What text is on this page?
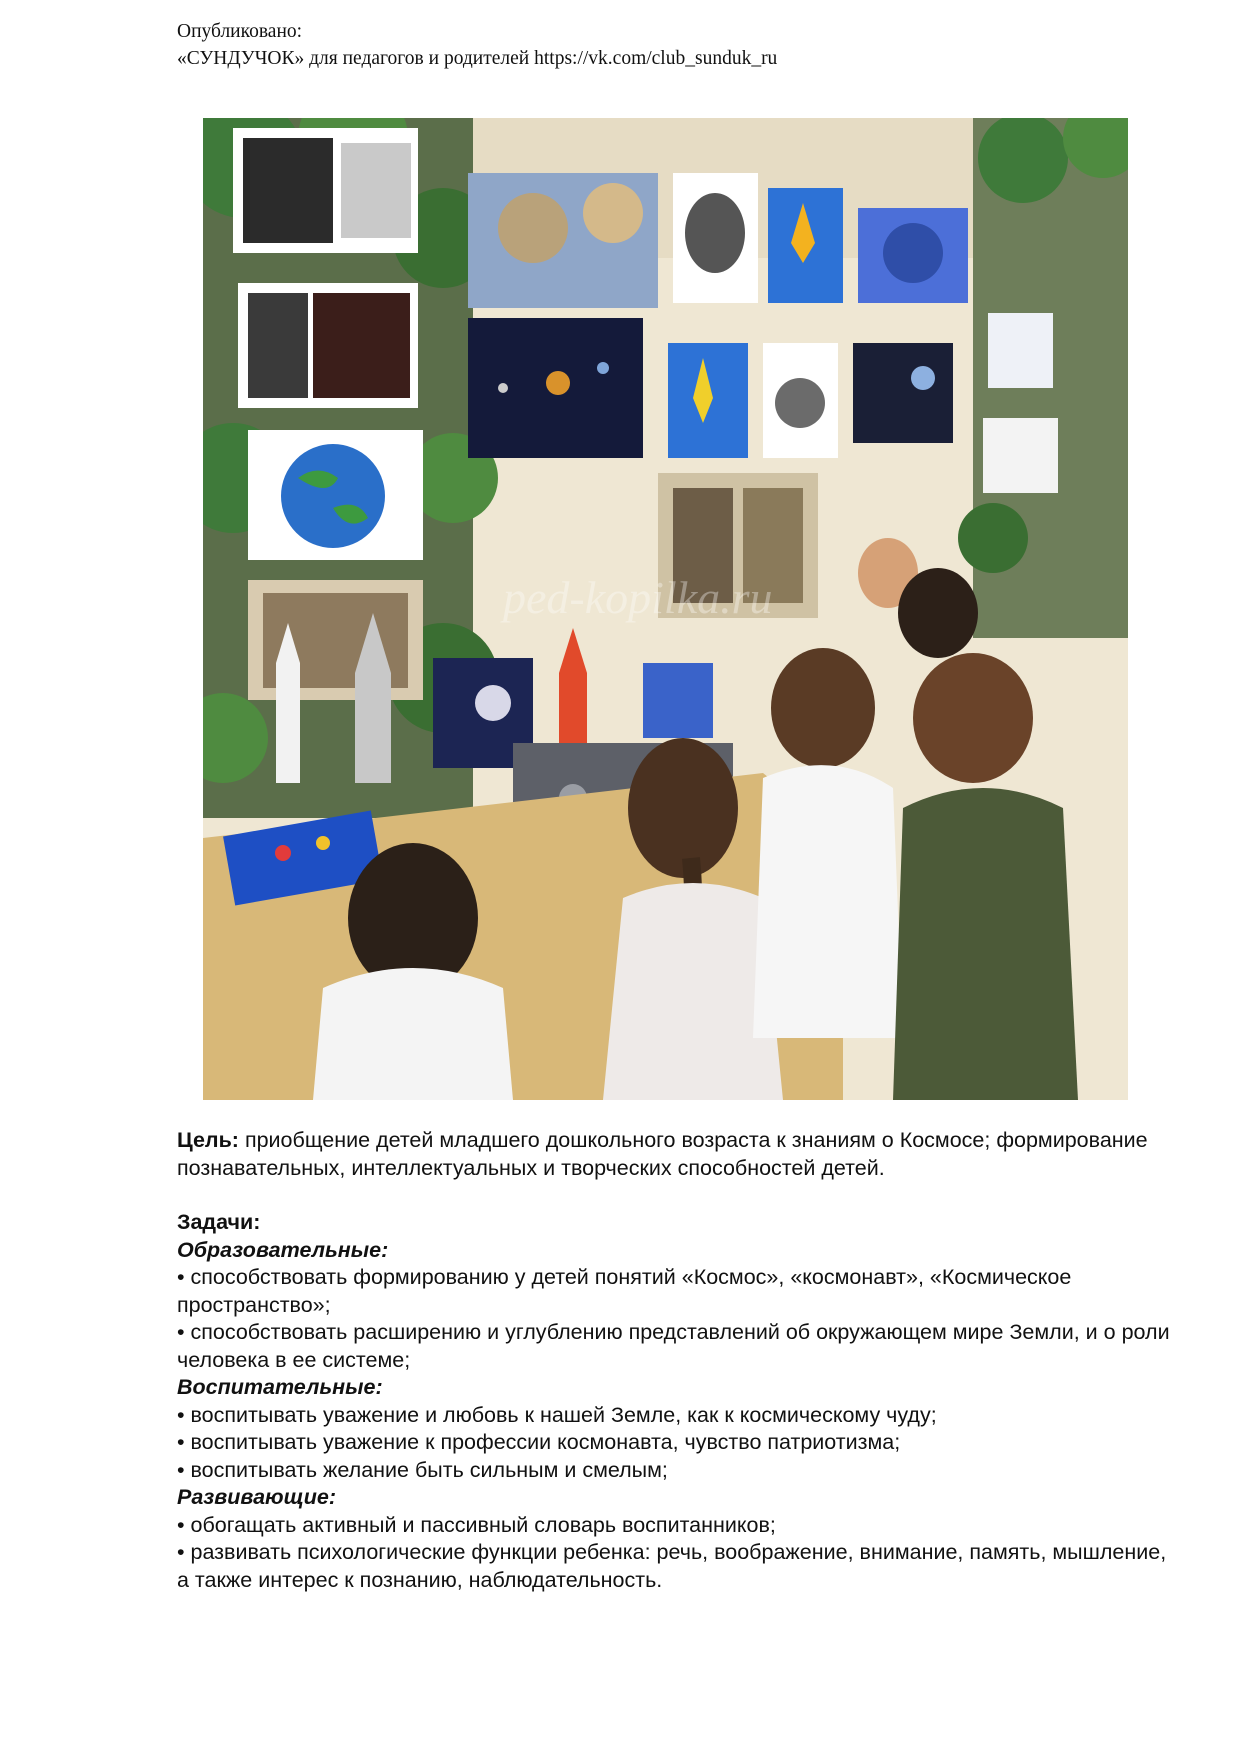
Опубликовано:
«СУНДУЧОК» для педагогов и родителей https://vk.com/club_sunduk_ru
ped-kopilka.ru

Цель: приобщение детей младшего дошкольного возраста к знаниям о Космосе; формирование познавательных, интеллектуальных и творческих способностей детей.

Задачи:

Образовательные:

• способствовать формированию у детей понятий «Космос», «космонавт», «Космическое пространство»;

• способствовать расширению и углублению представлений об окружающем мире Земли, и о роли человека в ее системе;

Воспитательные:

• воспитывать уважение и любовь к нашей Земле, как к космическому чуду;

• воспитывать уважение к профессии космонавта, чувство патриотизма;

• воспитывать желание быть сильным и смелым;

Развивающие:

• обогащать активный и пассивный словарь воспитанников;

• развивать психологические функции ребенка: речь, воображение, внимание, память, мышление, а также интерес к познанию, наблюдательность.
